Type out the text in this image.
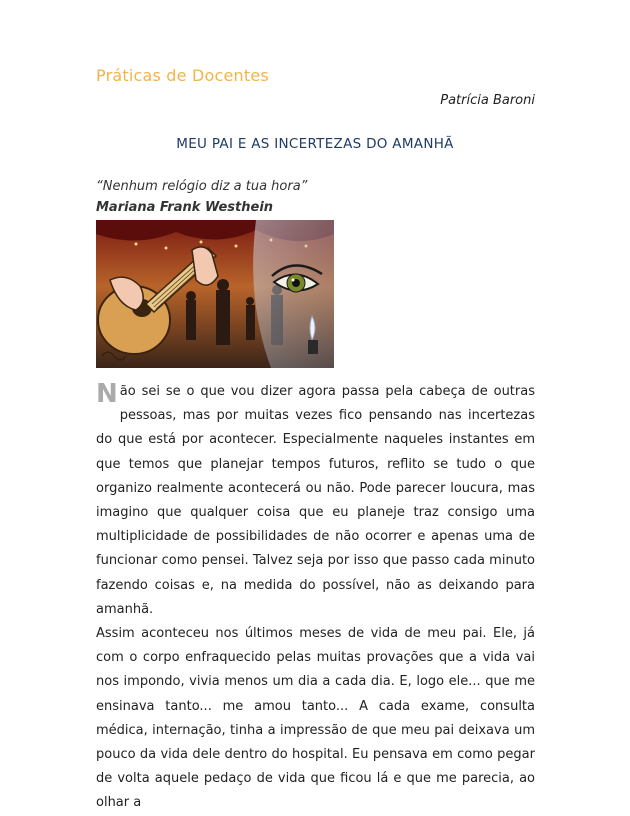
Práticas de Docentes
Patrícia Baroni
MEU PAI E AS INCERTEZAS DO AMANHÃ
“Nenhum relógio diz a tua hora”
Mariana Frank Westhein

Não sei se o que vou dizer agora passa pela cabeça de outras pessoas, mas por muitas vezes fico pensando nas incertezas do que está por acontecer. Especialmente naqueles instantes em que temos que planejar tempos futuros, reflito se tudo o que organizo realmente acontecerá ou não. Pode parecer loucura, mas imagino que qualquer coisa que eu planeje traz consigo uma multiplicidade de possibilidades de não ocorrer e apenas uma de funcionar como pensei. Talvez seja por isso que passo cada minuto fazendo coisas e, na medida do possível, não as deixando para amanhã.

Assim aconteceu nos últimos meses de vida de meu pai. Ele, já com o corpo enfraquecido pelas muitas provações que a vida vai nos impondo, vivia menos um dia a cada dia. E, logo ele... que me ensinava tanto... me amou tanto... A cada exame, consulta médica, internação, tinha a impressão de que meu pai deixava um pouco da vida dele dentro do hospital. Eu pensava em como pegar de volta aquele pedaço de vida que ficou lá e que me parecia, ao olhar a
